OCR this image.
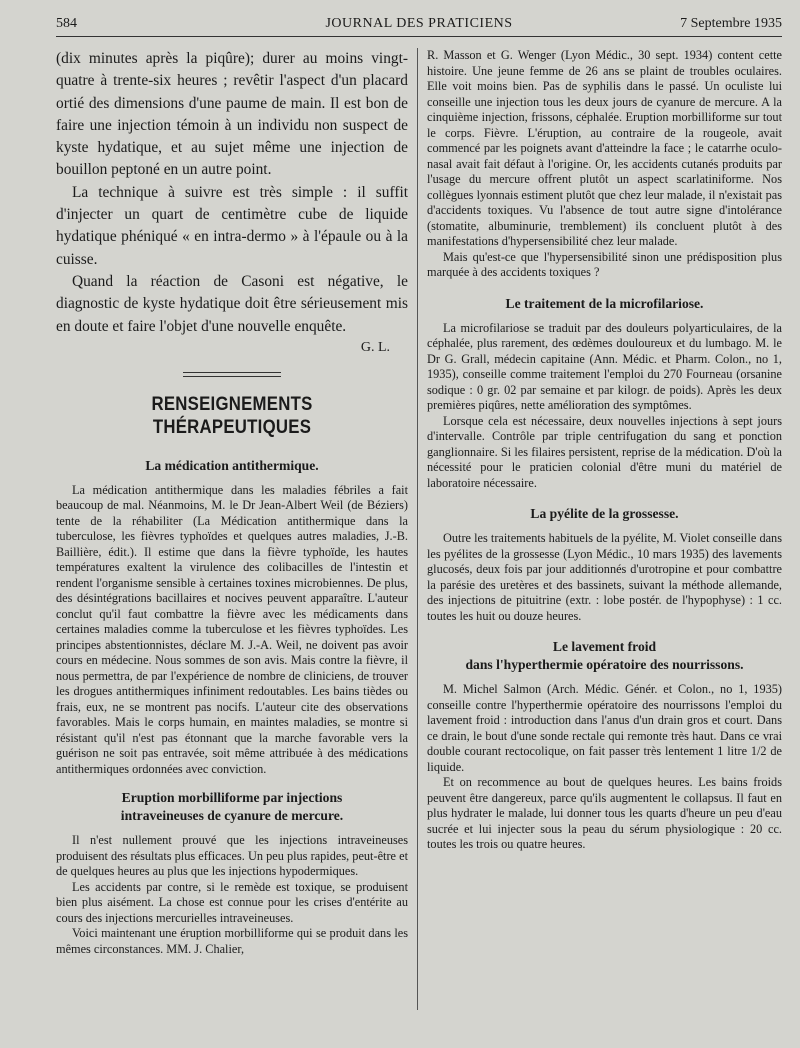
584	JOURNAL DES PRATICIENS	7 Septembre 1935

(dix minutes après la piqûre); durer au moins vingt-quatre à trente-six heures ; revêtir l'aspect d'un placard ortié des dimensions d'une paume de main. Il est bon de faire une injection témoin à un individu non suspect de kyste hydatique, et au sujet même une injection de bouillon peptoné en un autre point.

La technique à suivre est très simple : il suffit d'injecter un quart de centimètre cube de liquide hydatique phéniqué « en intra-dermo » à l'épaule ou à la cuisse.

Quand la réaction de Casoni est négative, le diagnostic de kyste hydatique doit être sérieusement mis en doute et faire l'objet d'une nouvelle enquête.

G. L.
RENSEIGNEMENTS THÉRAPEUTIQUES
La médication antithermique.

La médication antithermique dans les maladies fébriles a fait beaucoup de mal. Néanmoins, M. le Dr Jean-Albert Weil (de Béziers) tente de la réhabiliter (La Médication antithermique dans la tuberculose, les fièvres typhoïdes et quelques autres maladies, J.-B. Baillière, édit.). Il estime que dans la fièvre typhoïde, les hautes températures exaltent la virulence des colibacilles de l'intestin et rendent l'organisme sensible à certaines toxines microbiennes. De plus, des désintégrations bacillaires et nocives peuvent apparaître. L'auteur conclut qu'il faut combattre la fièvre avec les médicaments dans certaines maladies comme la tuberculose et les fièvres typhoïdes. Les principes abstentionnistes, déclare M. J.-A. Weil, ne doivent pas avoir cours en médecine. Nous sommes de son avis. Mais contre la fièvre, il nous permettra, de par l'expérience de nombre de cliniciens, de trouver les drogues antithermiques infiniment redoutables. Les bains tièdes ou frais, eux, ne se montrent pas nocifs. L'auteur cite des observations favorables. Mais le corps humain, en maintes maladies, se montre si résistant qu'il n'est pas étonnant que la marche favorable vers la guérison ne soit pas entravée, soit même attribuée à des médications antithermiques ordonnées avec conviction.

Eruption morbilliforme par injections
intraveineuses de cyanure de mercure.

Il n'est nullement prouvé que les injections intraveineuses produisent des résultats plus efficaces. Un peu plus rapides, peut-être et de quelques heures au plus que les injections hypodermiques.

Les accidents par contre, si le remède est toxique, se produisent bien plus aisément. La chose est connue pour les crises d'entérite au cours des injections mercurielles intraveineuses.

Voici maintenant une éruption morbilliforme qui se produit dans les mêmes circonstances. MM. J. Chalier,

R. Masson et G. Wenger (Lyon Médic., 30 sept. 1934) content cette histoire. Une jeune femme de 26 ans se plaint de troubles oculaires. Elle voit moins bien. Pas de syphilis dans le passé. Un oculiste lui conseille une injection tous les deux jours de cyanure de mercure. A la cinquième injection, frissons, céphalée. Eruption morbilliforme sur tout le corps. Fièvre. L'éruption, au contraire de la rougeole, avait commencé par les poignets avant d'atteindre la face ; le catarrhe oculo-nasal avait fait défaut à l'origine. Or, les accidents cutanés produits par l'usage du mercure offrent plutôt un aspect scarlatiniforme. Nos collègues lyonnais estiment plutôt que chez leur malade, il n'existait pas d'accidents toxiques. Vu l'absence de tout autre signe d'intolérance (stomatite, albuminurie, tremblement) ils concluent plutôt à des manifestations d'hypersensibilité chez leur malade.

Mais qu'est-ce que l'hypersensibilité sinon une prédisposition plus marquée à des accidents toxiques ?

Le traitement de la microfilariose.

La microfilariose se traduit par des douleurs polyarticulaires, de la céphalée, plus rarement, des œdèmes douloureux et du lumbago. M. le Dr G. Grall, médecin capitaine (Ann. Médic. et Pharm. Colon., no 1, 1935), conseille comme traitement l'emploi du 270 Fourneau (orsanine sodique : 0 gr. 02 par semaine et par kilogr. de poids). Après les deux premières piqûres, nette amélioration des symptômes.

Lorsque cela est nécessaire, deux nouvelles injections à sept jours d'intervalle. Contrôle par triple centrifugation du sang et ponction ganglionnaire. Si les filaires persistent, reprise de la médication. D'où la nécessité pour le praticien colonial d'être muni du matériel de laboratoire nécessaire.

La pyélite de la grossesse.

Outre les traitements habituels de la pyélite, M. Violet conseille dans les pyélites de la grossesse (Lyon Médic., 10 mars 1935) des lavements glucosés, deux fois par jour additionnés d'urotropine et pour combattre la parésie des uretères et des bassinets, suivant la méthode allemande, des injections de pituitrine (extr. : lobe postér. de l'hypophyse) : 1 cc. toutes les huit ou douze heures.

Le lavement froid
dans l'hyperthermie opératoire des nourrissons.

M. Michel Salmon (Arch. Médic. Génér. et Colon., no 1, 1935) conseille contre l'hyperthermie opératoire des nourrissons l'emploi du lavement froid : introduction dans l'anus d'un drain gros et court. Dans ce drain, le bout d'une sonde rectale qui remonte très haut. Dans ce vrai double courant rectocolique, on fait passer très lentement 1 litre 1/2 de liquide.

Et on recommence au bout de quelques heures. Les bains froids peuvent être dangereux, parce qu'ils augmentent le collapsus. Il faut en plus hydrater le malade, lui donner tous les quarts d'heure un peu d'eau sucrée et lui injecter sous la peau du sérum physiologique : 20 cc. toutes les trois ou quatre heures.
